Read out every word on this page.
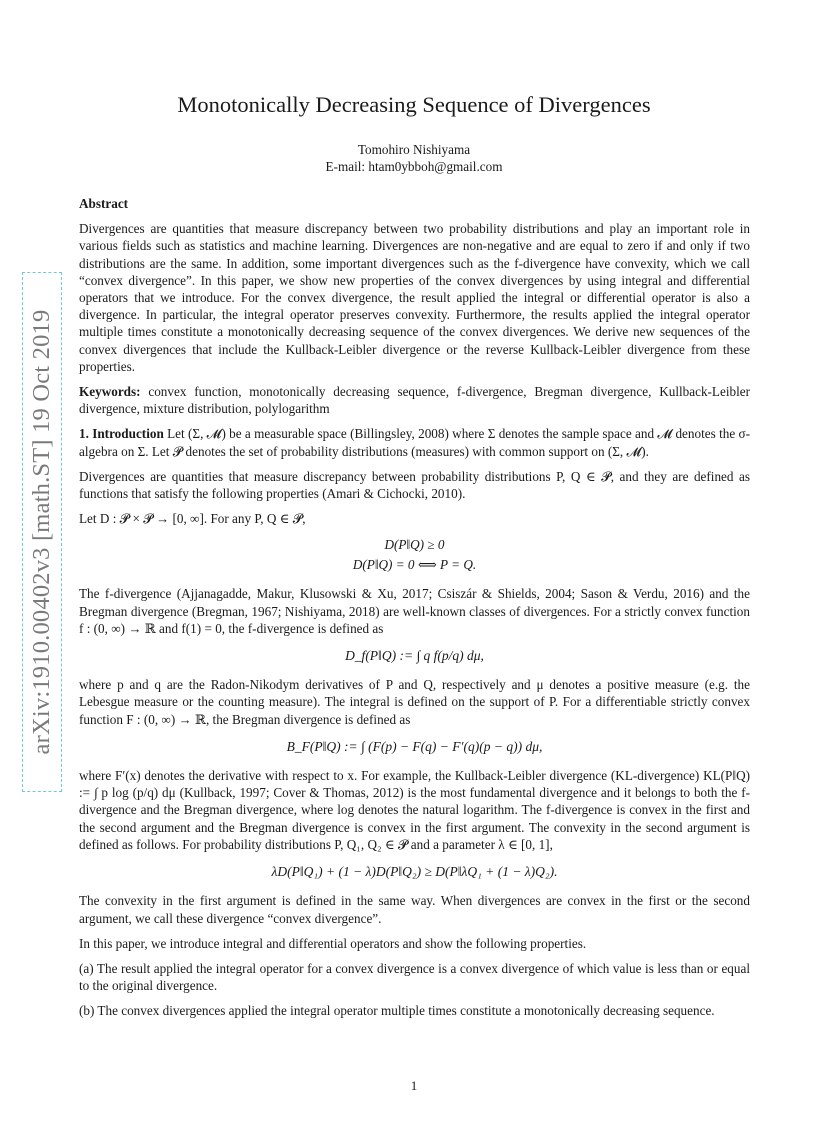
arXiv:1910.00402v3 [math.ST] 19 Oct 2019
Monotonically Decreasing Sequence of Divergences
Tomohiro Nishiyama
E-mail: htam0ybboh@gmail.com
Abstract

Divergences are quantities that measure discrepancy between two probability distributions and play an important role in various fields such as statistics and machine learning. Divergences are non-negative and are equal to zero if and only if two distributions are the same. In addition, some important divergences such as the f-divergence have convexity, which we call “convex divergence”. In this paper, we show new properties of the convex divergences by using integral and differential operators that we introduce. For the convex divergence, the result applied the integral or differential operator is also a divergence. In particular, the integral operator preserves convexity. Furthermore, the results applied the integral operator multiple times constitute a monotonically decreasing sequence of the convex divergences. We derive new sequences of the convex divergences that include the Kullback-Leibler divergence or the reverse Kullback-Leibler divergence from these properties.

Keywords: convex function, monotonically decreasing sequence, f-divergence, Bregman divergence, Kullback-Leibler divergence, mixture distribution, polylogarithm

1. Introduction Let (Σ, 𝓜) be a measurable space (Billingsley, 2008) where Σ denotes the sample space and 𝓜 denotes the σ-algebra on Σ. Let 𝓟 denotes the set of probability distributions (measures) with common support on (Σ, 𝓜).

Divergences are quantities that measure discrepancy between probability distributions P, Q ∈ 𝓟, and they are defined as functions that satisfy the following properties (Amari & Cichocki, 2010).

Let D : 𝓟 × 𝓟 → [0, ∞]. For any P, Q ∈ 𝓟,

D(P‖Q) ≥ 0
D(P‖Q) = 0 ⟺ P = Q.

The f-divergence (Ajjanagadde, Makur, Klusowski & Xu, 2017; Csiszár & Shields, 2004; Sason & Verdu, 2016) and the Bregman divergence (Bregman, 1967; Nishiyama, 2018) are well-known classes of divergences. For a strictly convex function f : (0, ∞) → ℝ and f(1) = 0, the f-divergence is defined as

D_f(P‖Q) := ∫ q f(p/q) dμ,

where p and q are the Radon-Nikodym derivatives of P and Q, respectively and μ denotes a positive measure (e.g. the Lebesgue measure or the counting measure). The integral is defined on the support of P. For a differentiable strictly convex function F : (0, ∞) → ℝ, the Bregman divergence is defined as

B_F(P‖Q) := ∫ (F(p) − F(q) − F′(q)(p − q)) dμ,

where F′(x) denotes the derivative with respect to x. For example, the Kullback-Leibler divergence (KL-divergence) KL(P‖Q) := ∫ p log (p/q) dμ (Kullback, 1997; Cover & Thomas, 2012) is the most fundamental divergence and it belongs to both the f-divergence and the Bregman divergence, where log denotes the natural logarithm. The f-divergence is convex in the first and the second argument and the Bregman divergence is convex in the first argument. The convexity in the second argument is defined as follows. For probability distributions P, Q₁, Q₂ ∈ 𝓟 and a parameter λ ∈ [0, 1],

λD(P‖Q₁) + (1 − λ)D(P‖Q₂) ≥ D(P‖λQ₁ + (1 − λ)Q₂).

The convexity in the first argument is defined in the same way. When divergences are convex in the first or the second argument, we call these divergence “convex divergence”.

In this paper, we introduce integral and differential operators and show the following properties.

(a) The result applied the integral operator for a convex divergence is a convex divergence of which value is less than or equal to the original divergence.

(b) The convex divergences applied the integral operator multiple times constitute a monotonically decreasing sequence.

1
